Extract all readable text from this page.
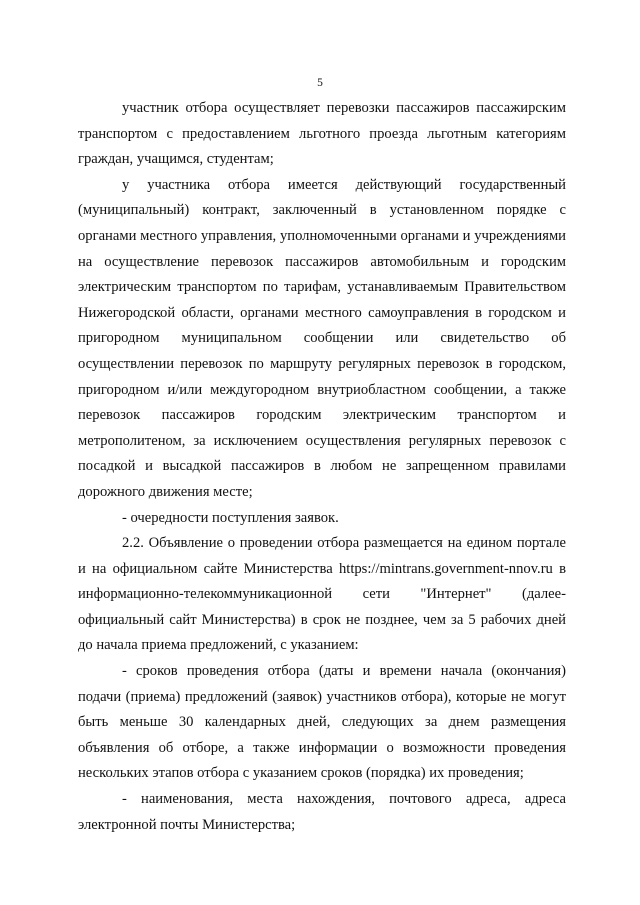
5

участник отбора осуществляет перевозки пассажиров пассажирским транспортом с предоставлением льготного проезда льготным категориям граждан, учащимся, студентам;

у участника отбора имеется действующий государственный (муниципальный) контракт, заключенный в установленном порядке с органами местного управления, уполномоченными органами и учреждениями на осуществление перевозок пассажиров автомобильным и городским электрическим транспортом по тарифам, устанавливаемым Правительством Нижегородской области, органами местного самоуправления в городском и пригородном муниципальном сообщении или свидетельство об осуществлении перевозок по маршруту регулярных перевозок в городском, пригородном и/или междугородном внутриобластном сообщении, а также перевозок пассажиров городским электрическим транспортом и метрополитеном, за исключением осуществления регулярных перевозок с посадкой и высадкой пассажиров в любом не запрещенном правилами дорожного движения месте;

- очередности поступления заявок.

2.2. Объявление о проведении отбора размещается на едином портале и на официальном сайте Министерства https://mintrans.government-nnov.ru в информационно-телекоммуникационной сети "Интернет" (далее-официальный сайт Министерства) в срок не позднее, чем за 5 рабочих дней до начала приема предложений, с указанием:

- сроков проведения отбора (даты и времени начала (окончания) подачи (приема) предложений (заявок) участников отбора), которые не могут быть меньше 30 календарных дней, следующих за днем размещения объявления об отборе, а также информации о возможности проведения нескольких этапов отбора с указанием сроков (порядка) их проведения;

- наименования, места нахождения, почтового адреса, адреса электронной почты Министерства;
